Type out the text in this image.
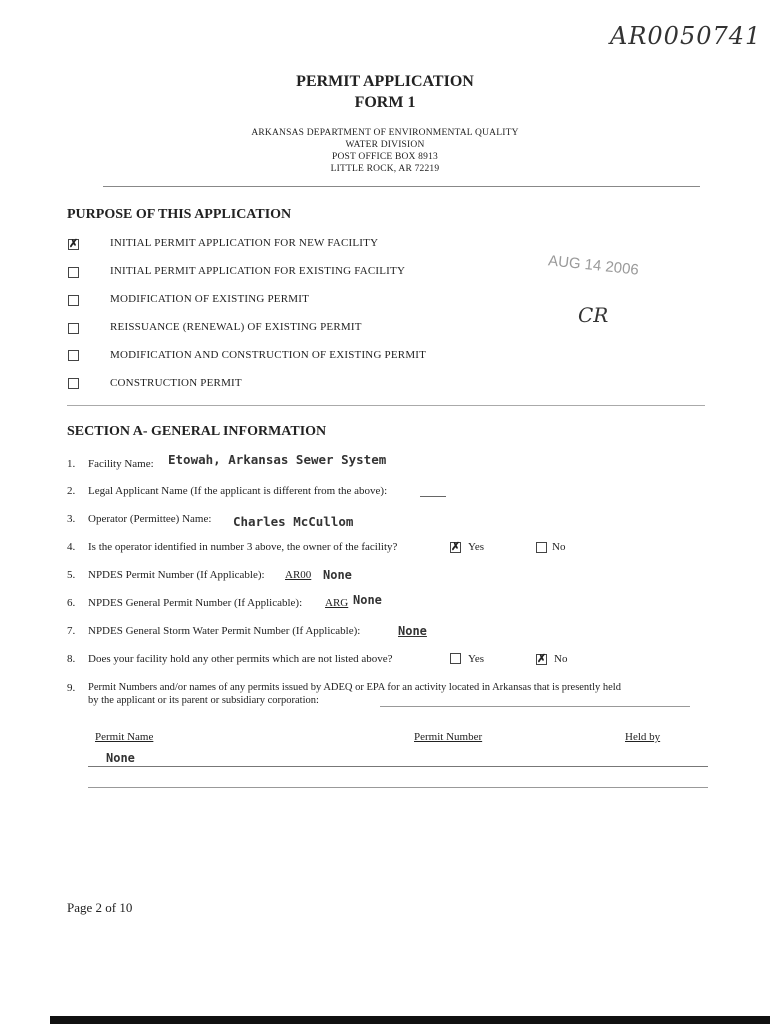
AR0050741
PERMIT APPLICATION
FORM 1
ARKANSAS DEPARTMENT OF ENVIRONMENTAL QUALITY
WATER DIVISION
POST OFFICE BOX 8913
LITTLE ROCK, AR 72219
PURPOSE OF THIS APPLICATION
✗	INITIAL PERMIT APPLICATION FOR NEW FACILITY
INITIAL PERMIT APPLICATION FOR EXISTING FACILITY
MODIFICATION OF EXISTING PERMIT
REISSUANCE (RENEWAL) OF EXISTING PERMIT
MODIFICATION AND CONSTRUCTION OF EXISTING PERMIT
CONSTRUCTION PERMIT
AUG 14 2006
CR
SECTION A- GENERAL INFORMATION
1. Facility Name: Etowah, Arkansas Sewer System
2. Legal Applicant Name (If the applicant is different from the above):
3. Operator (Permittee) Name: Charles McCullom
4. Is the operator identified in number 3 above, the owner of the facility?	✗ Yes	No
5. NPDES Permit Number (If Applicable): AR00 None
6. NPDES General Permit Number (If Applicable): ARG None
7. NPDES General Storm Water Permit Number (If Applicable):	None
8. Does your facility hold any other permits which are not listed above?	Yes	✗ No
9. Permit Numbers and/or names of any permits issued by ADEQ or EPA for an activity located in Arkansas that is presently held
by the applicant or its parent or subsidiary corporation:
Permit Name	Permit Number	Held by
None
Page 2 of 10
